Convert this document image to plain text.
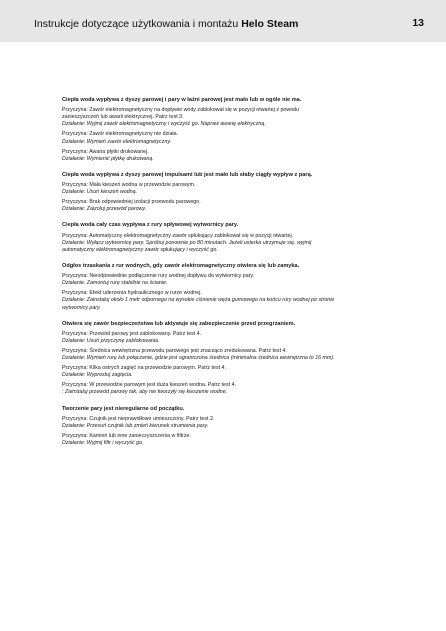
Instrukcje dotyczące użytkowania i montażu Helo Steam	13
Ciepła woda wypływa z dyszy parowej i pary w łaźni parowej jest mało lub w ogóle nie ma.
Przyczyna: Zawór elektromagnetyczny na dopływie wody zablokował się w pozycji otwartej z powodu
zanieczyszczeń lub awarii elektrycznej. Patrz test 3.
Działanie: Wyjmij zawór elektromagnetyczny i wyczyść go. Napraw awarię elektryczną.
Przyczyna: Zawór elektromagnetyczny nie działa.
Działanie: Wymień zawór elektromagnetyczny.
Przyczyna: Awaria płytki drukowanej.
Działanie: Wymienić płytkę drukowaną.
Ciepła woda wypływa z dyszy parowej impulsami lub jest mało lub słaby ciągły wypływ z parą.
Przyczyna: Mała kieszeń wodna w przewodzie parowym.
Działanie: Usuń kieszeń wodną.
Przyczyna: Brak odpowiedniej izolacji przewodu parowego.
Działanie: Zaizoluj przewód parowy.
Ciepła woda cały czas wypływa z rury spływowej wytwornicy pary.
Przyczyna: Automatyczny elektromagnetyczny zawór spłukujący zablokował się w pozycji otwartej.
Działanie: Wyłącz wytwornicę pary. Spróbuj ponownie po 80 minutach. Jeżeli usterka utrzymuje się, wyjmij
automatyczny elektromagnetyczny zawór spłukujący i wyczyść go.
Odgłos trzaskania z rur wodnych, gdy zawór elektromagnetyczny otwiera się lub zamyka.
Przyczyna: Nieodpowiednie podłączenie rury wodnej dopływu do wytwornicy pary.
Działanie: Zamontuj rurę stabilnie na ścianie.
Przyczyna: Efekt uderzenia hydraulicznego w rurze wodnej.
Działanie: Zainstaluj około 1 metr odpornego na wysokie ciśnienie węża gumowego na końcu rury wodnej po stronie
wytwornicy pary.
Otwiera się zawór bezpieczeństwa lub aktywuje się zabezpieczenie przed przegrzaniem.
Przyczyna: Przewód parowy jest zablokowany. Patrz test 4.
Działanie: Usuń przyczynę zablokowania.
Przyczyna: Średnica wewnętrzna przewodu parowego jest znacząco zredukowana. Patrz test 4.
Działanie: Wymień rurę lub połączenie, gdzie jest ograniczona średnica (minimalna średnica wewnętrzna to 16 mm).
Przyczyna: Kilka ostrych zagięć na przewodzie parowym. Patrz test 4.
Działanie: Wyprostuj zagięcia.
Przyczyna: W przewodzie parowym jest duża kieszeń wodna. Patrz test 4.
: Zainstaluj przewód parowy tak, aby nie tworzyły się kieszenie wodne.
Tworzenie pary jest nieregularne od początku.
Przyczyna: Czujnik jest nieprawidłowo umieszczony. Patrz test 2.
Działanie: Przesuń czujnik lub zmień kierunek strumienia pary.
Przyczyna: Kamień lub inne zanieczyszczenia w filtrze.
Działanie: Wyjmij filtr i wyczyść go.
